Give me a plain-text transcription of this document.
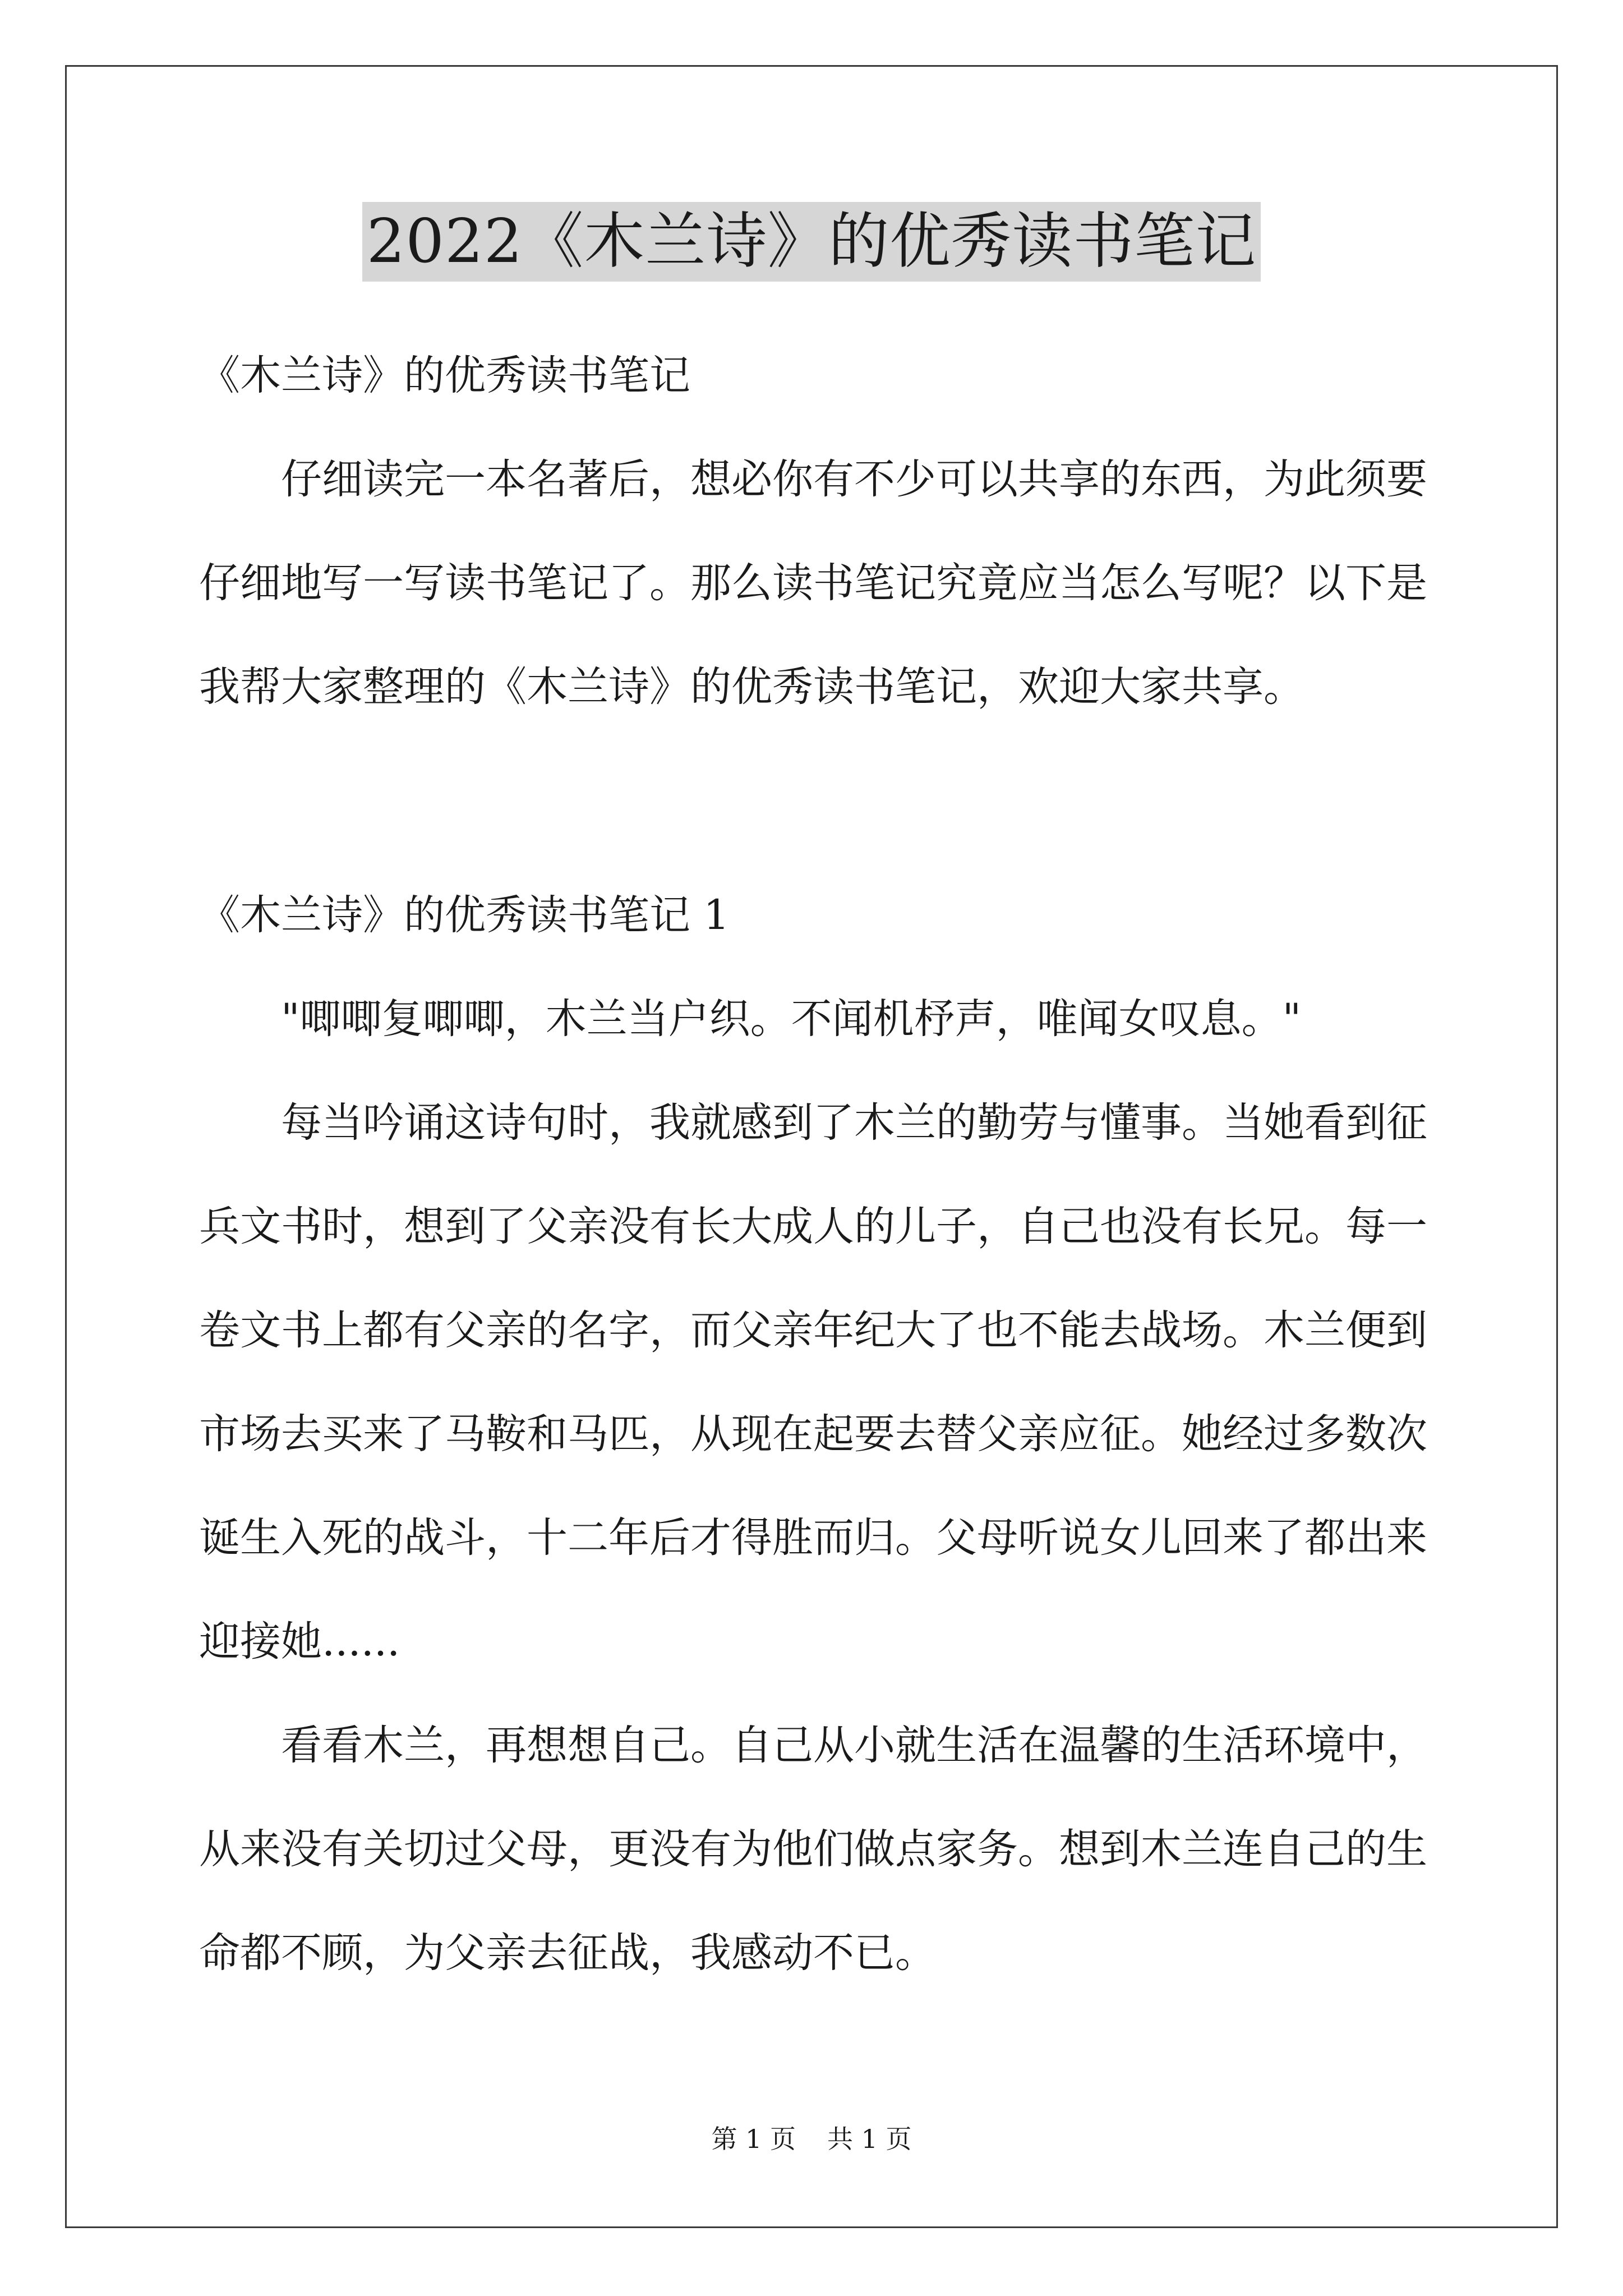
2022《木兰诗》的优秀读书笔记
《木兰诗》的优秀读书笔记
　　仔细读完一本名著后，想必你有不少可以共享的东西，为此须要
仔细地写一写读书笔记了。那么读书笔记究竟应当怎么写呢？以下是
我帮大家整理的《木兰诗》的优秀读书笔记，欢迎大家共享。
《木兰诗》的优秀读书笔记 1
　　"唧唧复唧唧，木兰当户织。不闻机杼声，唯闻女叹息。"
　　每当吟诵这诗句时，我就感到了木兰的勤劳与懂事。当她看到征
兵文书时，想到了父亲没有长大成人的儿子，自己也没有长兄。每一
卷文书上都有父亲的名字，而父亲年纪大了也不能去战场。木兰便到
市场去买来了马鞍和马匹，从现在起要去替父亲应征。她经过多数次
诞生入死的战斗，十二年后才得胜而归。父母听说女儿回来了都出来
迎接她......
　　看看木兰，再想想自己。自己从小就生活在温馨的生活环境中，
从来没有关切过父母，更没有为他们做点家务。想到木兰连自己的生
命都不顾，为父亲去征战，我感动不已。
第 1 页 共 1 页
